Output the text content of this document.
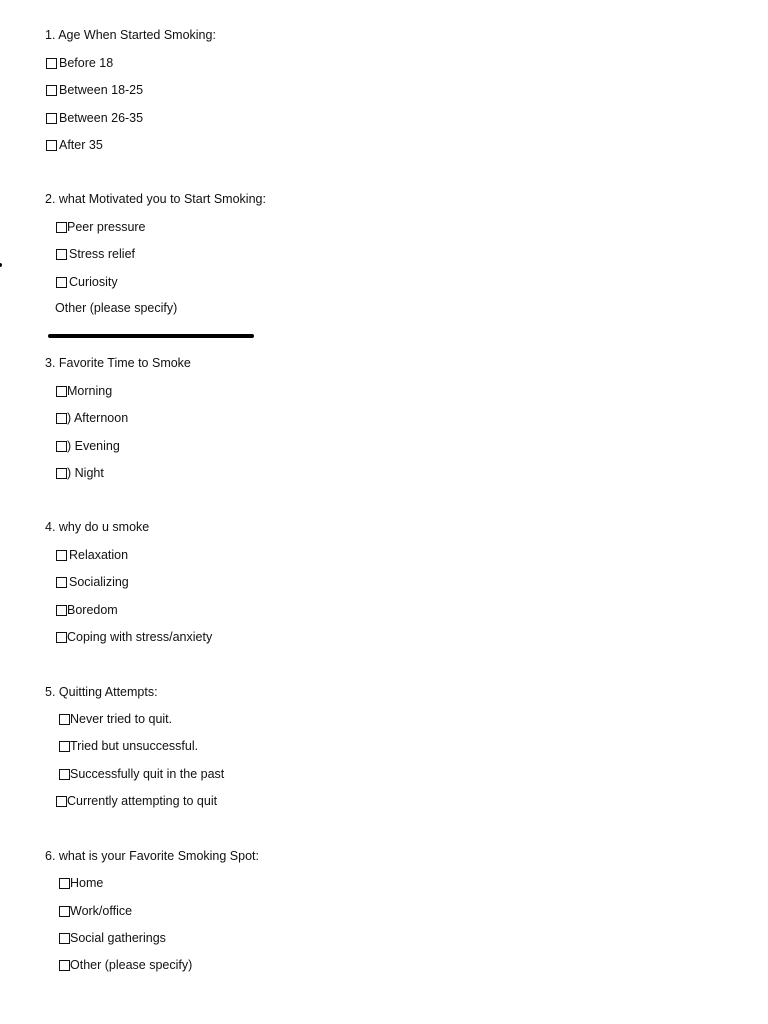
1. Age When Started Smoking:
Before 18
Between 18-25
Between 26-35
After 35
2. what Motivated you to Start Smoking:
Peer pressure
Stress relief
Curiosity
Other (please specify)
3. Favorite Time to Smoke
Morning
) Afternoon
) Evening
) Night
4. why do u smoke
Relaxation
Socializing
Boredom
Coping with stress/anxiety
5. Quitting Attempts:
Never tried to quit.
Tried but unsuccessful.
Successfully quit in the past
Currently attempting to quit
6. what is your Favorite Smoking Spot:
Home
Work/office
Social gatherings
Other (please specify)
